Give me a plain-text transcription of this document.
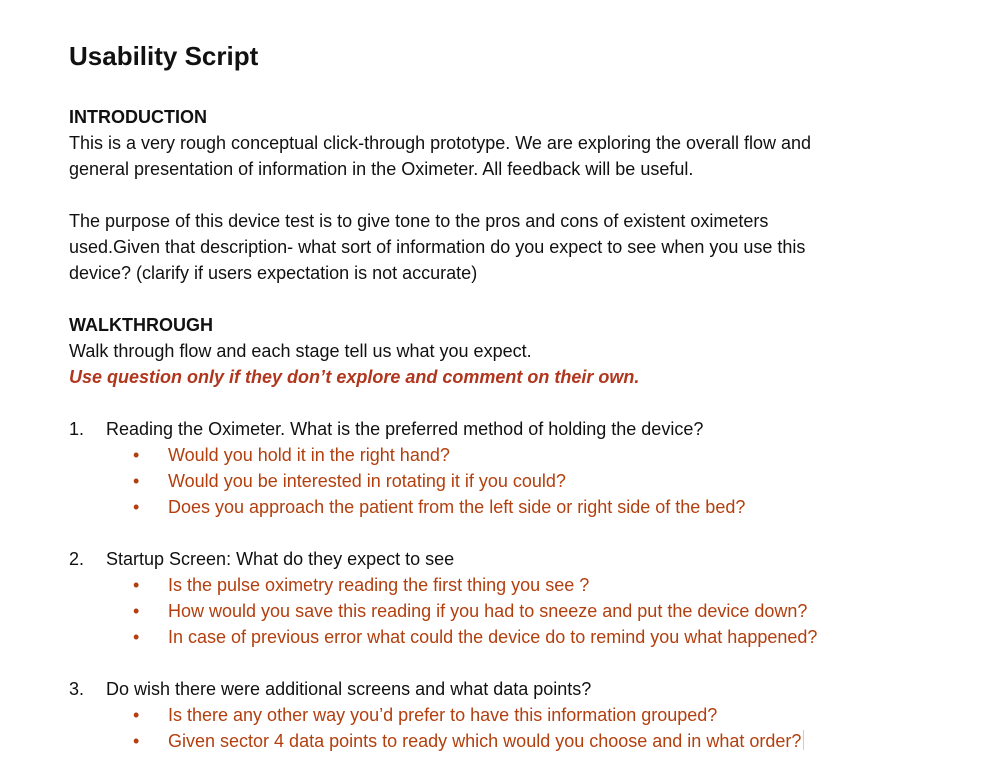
Usability Script

INTRODUCTION

This is a very rough conceptual click-through prototype. We are exploring the overall flow and

general presentation of information in the Oximeter. All feedback will be useful.

The purpose of this device test is to give tone to the pros and cons of existent oximeters

used.Given that description- what sort of information do you expect to see when you use this

device? (clarify if users expectation is not accurate)

WALKTHROUGH

Walk through flow and each stage tell us what you expect.

Use question only if they don’t explore and comment on their own.

1. Reading the Oximeter. What is the preferred method of holding the device?

• Would you hold it in the right hand?
• Would you be interested in rotating it if you could?
• Does you approach the patient from the left side or right side of the bed?

2. Startup Screen: What do they expect to see

• Is the pulse oximetry reading the first thing you see ?
• How would you save this reading if you had to sneeze and put the device down?
• In case of previous error what could the device do to remind you what happened?

3. Do wish there were additional screens and what data points?

• Is there any other way you’d prefer to have this information grouped?
• Given sector 4 data points to ready which would you choose and in what order?
